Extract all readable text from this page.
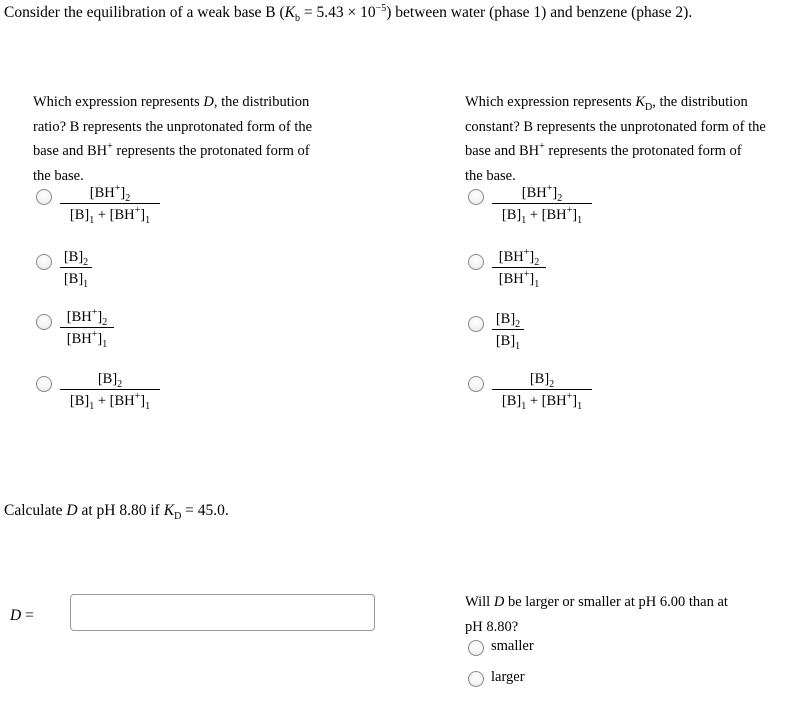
Consider the equilibration of a weak base B $(K_b = 5.43 \times 10^{-5})$ between water (phase 1) and benzene (phase 2).
Which expression represents D, the distribution
ratio? B represents the unprotonated form of the
base and BH+ represents the protonated form of
the base.
Which expression represents $K_D$, the distribution
constant? B represents the unprotonated form of the
base and BH+ represents the protonated form of
the base.
$[BH^+]_2$
$[B]_1 + [BH^+]_1$
$[B]_2$
$[B]_1$
$[BH^+]_2$
$[BH^+]_1$
$[B]_2$
$[B]_1 + [BH^+]_1$
$[BH^+]_2$
$[B]_1 + [BH^+]_1$
$[BH^+]_2$
$[BH^+]_1$
$[B]_2$
$[B]_1$
$[B]_2$
$[B]_1 + [BH^+]_1$
Calculate D at pH 8.80 if $K_D = 45.0$.
D =
Will D be larger or smaller at pH 6.00 than at
pH 8.80?
smaller
larger
